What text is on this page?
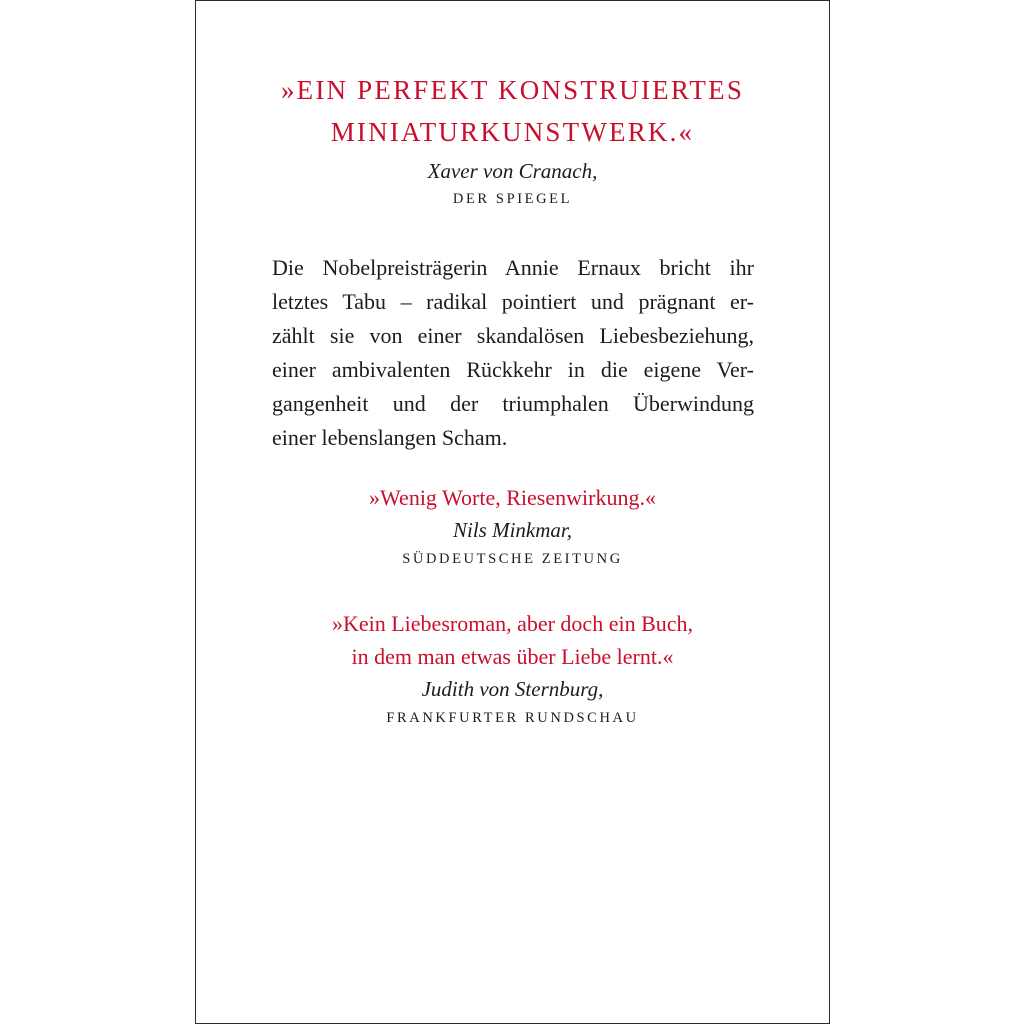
»EIN PERFEKT KONSTRUIERTES
MINIATURKUNSTWERK.«
Xaver von Cranach,
DER SPIEGEL
Die Nobelpreisträgerin Annie Ernaux bricht ihr
letztes Tabu – radikal pointiert und prägnant er-
zählt sie von einer skandalösen Liebesbeziehung,
einer ambivalenten Rückkehr in die eigene Ver-
gangenheit und der triumphalen Überwindung
einer lebenslangen Scham.
»Wenig Worte, Riesenwirkung.«
Nils Minkmar,
SÜDDEUTSCHE ZEITUNG
»Kein Liebesroman, aber doch ein Buch,
in dem man etwas über Liebe lernt.«
Judith von Sternburg,
FRANKFURTER RUNDSCHAU
